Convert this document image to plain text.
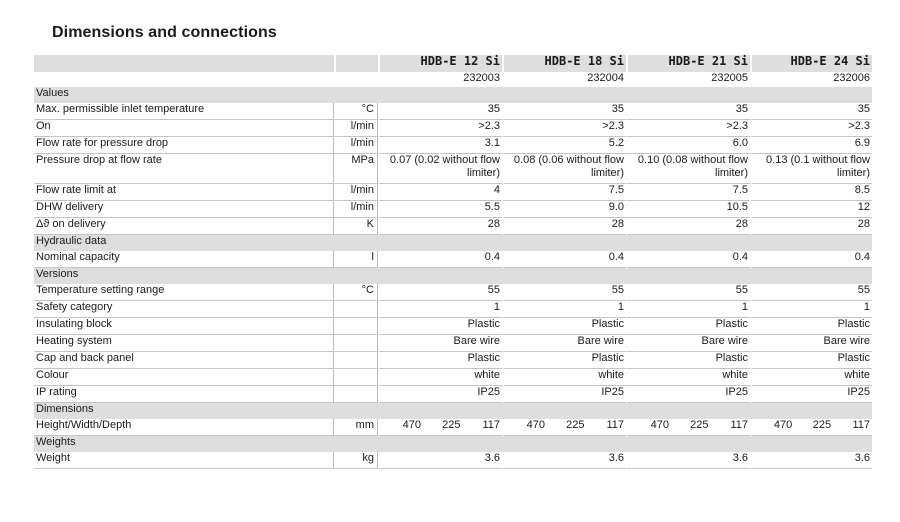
Dimensions and connections
		HDB-E 12 Si	HDB-E 18 Si	HDB-E 21 Si	HDB-E 24 Si
		232003	232004	232005	232006
Values					
Max. permissible inlet temperature	°C	35	35	35	35
On	l/min	>2.3	>2.3	>2.3	>2.3
Flow rate for pressure drop	l/min	3.1	5.2	6.0	6.9
Pressure drop at flow rate	MPa	0.07 (0.02 without flow limiter)	0.08 (0.06 without flow limiter)	0.10 (0.08 without flow limiter)	0.13 (0.1 without flow limiter)
Flow rate limit at	l/min	4	7.5	7.5	8.5
DHW delivery	l/min	5.5	9.0	10.5	12
Δϑ on delivery	K	28	28	28	28
Hydraulic data					
Nominal capacity	l	0.4	0.4	0.4	0.4
Versions					
Temperature setting range	°C	55	55	55	55
Safety category		1	1	1	1
Insulating block		Plastic	Plastic	Plastic	Plastic
Heating system		Bare wire	Bare wire	Bare wire	Bare wire
Cap and back panel		Plastic	Plastic	Plastic	Plastic
Colour		white	white	white	white
IP rating		IP25	IP25	IP25	IP25
Dimensions					
Height/Width/Depth	mm	470 225 117	470 225 117	470 225 117	470 225 117

Weights					
Weight	kg	3.6	3.6	3.6	3.6
